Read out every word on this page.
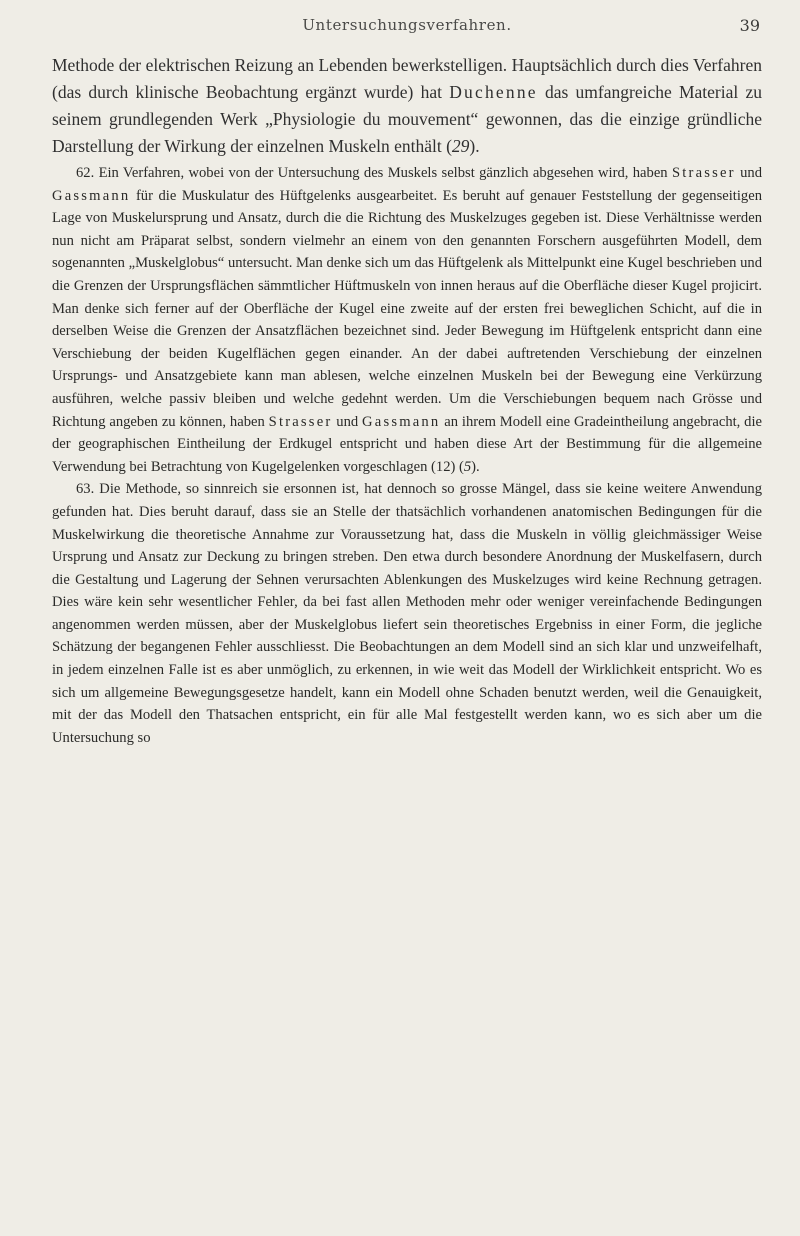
Untersuchungsverfahren.	39

Methode der elektrischen Reizung an Lebenden bewerkstelligen. Hauptsächlich durch dies Verfahren (das durch klinische Beobachtung ergänzt wurde) hat Duchenne das umfangreiche Material zu seinem grundlegenden Werk „Physiologie du mouvement“ gewonnen, das die einzige gründliche Darstellung der Wirkung der einzelnen Muskeln enthält (29).

62. Ein Verfahren, wobei von der Untersuchung des Muskels selbst gänzlich abgesehen wird, haben Strasser und Gassmann für die Muskulatur des Hüftgelenks ausgearbeitet. Es beruht auf genauer Feststellung der gegenseitigen Lage von Muskelursprung und Ansatz, durch die die Richtung des Muskelzuges gegeben ist. Diese Verhältnisse werden nun nicht am Präparat selbst, sondern vielmehr an einem von den genannten Forschern ausgeführten Modell, dem sogenannten „Muskelglobus“ untersucht. Man denke sich um das Hüftgelenk als Mittelpunkt eine Kugel beschrieben und die Grenzen der Ursprungsflächen sämmtlicher Hüftmuskeln von innen heraus auf die Oberfläche dieser Kugel projicirt. Man denke sich ferner auf der Oberfläche der Kugel eine zweite auf der ersten frei beweglichen Schicht, auf die in derselben Weise die Grenzen der Ansatzflächen bezeichnet sind. Jeder Bewegung im Hüftgelenk entspricht dann eine Verschiebung der beiden Kugelflächen gegen einander. An der dabei auftretenden Verschiebung der einzelnen Ursprungs- und Ansatzgebiete kann man ablesen, welche einzelnen Muskeln bei der Bewegung eine Verkürzung ausführen, welche passiv bleiben und welche gedehnt werden. Um die Verschiebungen bequem nach Grösse und Richtung angeben zu können, haben Strasser und Gassmann an ihrem Modell eine Gradeintheilung angebracht, die der geographischen Eintheilung der Erdkugel entspricht und haben diese Art der Bestimmung für die allgemeine Verwendung bei Betrachtung von Kugelgelenken vorgeschlagen (12) (5).

63. Die Methode, so sinnreich sie ersonnen ist, hat dennoch so grosse Mängel, dass sie keine weitere Anwendung gefunden hat. Dies beruht darauf, dass sie an Stelle der thatsächlich vorhandenen anatomischen Bedingungen für die Muskelwirkung die theoretische Annahme zur Voraussetzung hat, dass die Muskeln in völlig gleichmässiger Weise Ursprung und Ansatz zur Deckung zu bringen streben. Den etwa durch besondere Anordnung der Muskelfasern, durch die Gestaltung und Lagerung der Sehnen verursachten Ablenkungen des Muskelzuges wird keine Rechnung getragen. Dies wäre kein sehr wesentlicher Fehler, da bei fast allen Methoden mehr oder weniger vereinfachende Bedingungen angenommen werden müssen, aber der Muskelglobus liefert sein theoretisches Ergebniss in einer Form, die jegliche Schätzung der begangenen Fehler ausschliesst. Die Beobachtungen an dem Modell sind an sich klar und unzweifelhaft, in jedem einzelnen Falle ist es aber unmöglich, zu erkennen, in wie weit das Modell der Wirklichkeit entspricht. Wo es sich um allgemeine Bewegungsgesetze handelt, kann ein Modell ohne Schaden benutzt werden, weil die Genauigkeit, mit der das Modell den Thatsachen entspricht, ein für alle Mal festgestellt werden kann, wo es sich aber um die Untersuchung so
